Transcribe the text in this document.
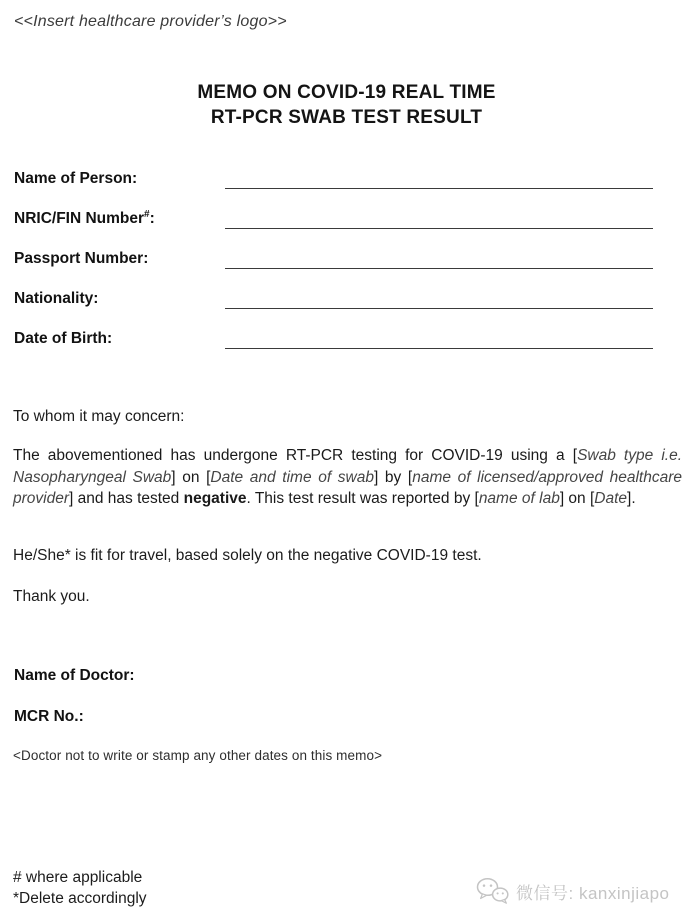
<<Insert healthcare provider’s logo>>
MEMO ON COVID-19 REAL TIME
RT-PCR SWAB TEST RESULT
Name of Person:
NRIC/FIN Number#:
Passport Number:
Nationality:
Date of Birth:
To whom it may concern:
The abovementioned has undergone RT-PCR testing for COVID-19 using a [Swab type i.e. Nasopharyngeal Swab] on [Date and time of swab] by [name of licensed/approved healthcare provider] and has tested negative. This test result was reported by [name of lab] on [Date].
He/She* is fit for travel, based solely on the negative COVID-19 test.
Thank you.
Name of Doctor:
MCR No.:
<Doctor not to write or stamp any other dates on this memo>
# where applicable
*Delete accordingly	微信号: kanxinjiapo
